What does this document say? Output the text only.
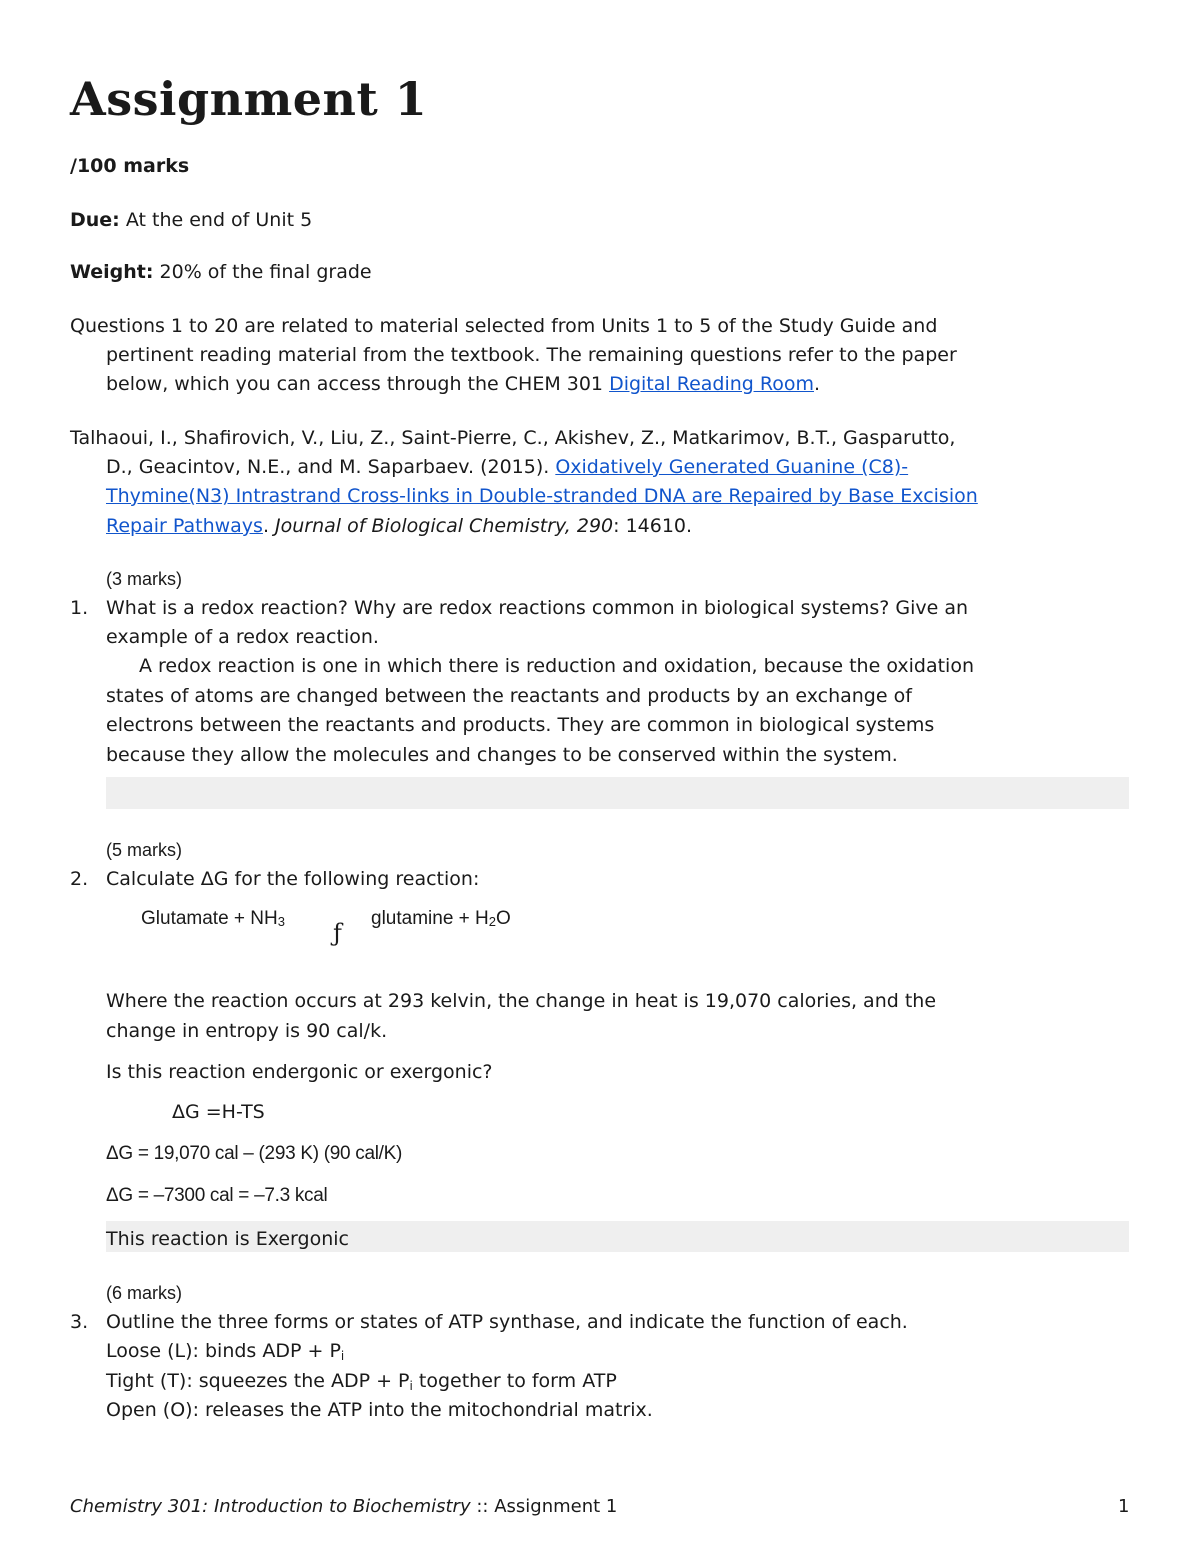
Assignment 1
/100 marks
Due: At the end of Unit 5
Weight: 20% of the final grade
Questions 1 to 20 are related to material selected from Units 1 to 5 of the Study Guide and
pertinent reading material from the textbook. The remaining questions refer to the paper
below, which you can access through the CHEM 301 Digital Reading Room.
Talhaoui, I., Shafirovich, V., Liu, Z., Saint-Pierre, C., Akishev, Z., Matkarimov, B.T., Gasparutto,
D., Geacintov, N.E., and M. Saparbaev. (2015). Oxidatively Generated Guanine (C8)-
Thymine(N3) Intrastrand Cross-links in Double-stranded DNA are Repaired by Base Excision
Repair Pathways. Journal of Biological Chemistry, 290: 14610.
(3 marks)
1. What is a redox reaction? Why are redox reactions common in biological systems? Give an
example of a redox reaction.
A redox reaction is one in which there is reduction and oxidation, because the oxidation
states of atoms are changed between the reactants and products by an exchange of
electrons between the reactants and products. They are common in biological systems
because they allow the molecules and changes to be conserved within the system.
(5 marks)
2. Calculate ΔG for the following reaction:
Glutamate + NH3 ƒ
glutamine + H2O
Where the reaction occurs at 293 kelvin, the change in heat is 19,070 calories, and the
change in entropy is 90 cal/k.
Is this reaction endergonic or exergonic?
ΔG =H-TS
ΔG = 19,070 cal – (293 K) (90 cal/K)
ΔG = –7300 cal = –7.3 kcal
This reaction is Exergonic
(6 marks)
3. Outline the three forms or states of ATP synthase, and indicate the function of each.
Loose (L): binds ADP + Pi
Tight (T): squeezes the ADP + Pi together to form ATP
Open (O): releases the ATP into the mitochondrial matrix.
Chemistry 301: Introduction to Biochemistry :: Assignment 1	1
